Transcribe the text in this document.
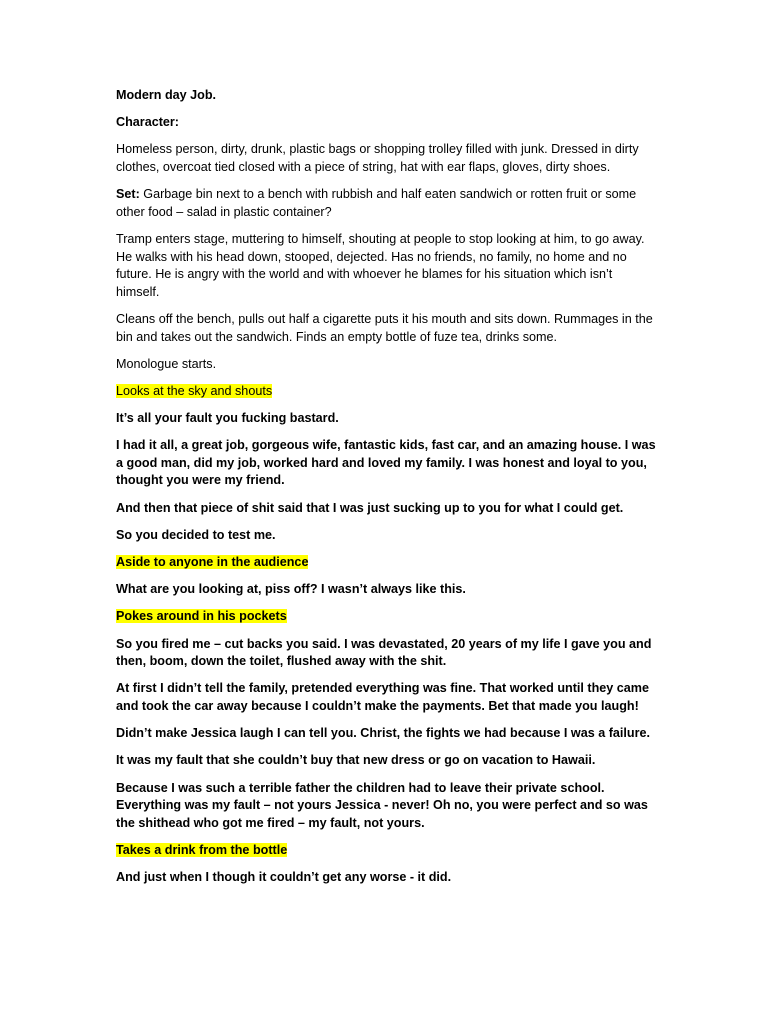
Modern day Job.

Character:

Homeless person, dirty, drunk, plastic bags or shopping trolley filled with junk. Dressed in dirty clothes, overcoat tied closed with a piece of string, hat with ear flaps, gloves, dirty shoes.

Set: Garbage bin next to a bench with rubbish and half eaten sandwich or rotten fruit or some other food – salad in plastic container?

Tramp enters stage, muttering to himself, shouting at people to stop looking at him, to go away. He walks with his head down, stooped, dejected. Has no friends, no family, no home and no future. He is angry with the world and with whoever he blames for his situation which isn’t himself.

Cleans off the bench, pulls out half a cigarette puts it his mouth and sits down. Rummages in the bin and takes out the sandwich. Finds an empty bottle of fuze tea, drinks some.

Monologue starts.

Looks at the sky and shouts

It’s all your fault you fucking bastard.

I had it all, a great job, gorgeous wife, fantastic kids, fast car, and an amazing house. I was a good man, did my job, worked hard and loved my family. I was honest and loyal to you, thought you were my friend.

And then that piece of shit said that I was just sucking up to you for what I could get.

So you decided to test me.

Aside to anyone in the audience

What are you looking at, piss off? I wasn’t always like this.

Pokes around in his pockets

So you fired me – cut backs you said. I was devastated, 20 years of my life I gave you and then, boom, down the toilet, flushed away with the shit.

At first I didn’t tell the family, pretended everything was fine. That worked until they came and took the car away because I couldn’t make the payments. Bet that made you laugh!

Didn’t make Jessica laugh I can tell you. Christ, the fights we had because I was a failure.

It was my fault that she couldn’t buy that new dress or go on vacation to Hawaii.

Because I was such a terrible father the children had to leave their private school. Everything was my fault – not yours Jessica - never! Oh no, you were perfect and so was the shithead who got me fired – my fault, not yours.

Takes a drink from the bottle

And just when I though it couldn’t get any worse - it did.
